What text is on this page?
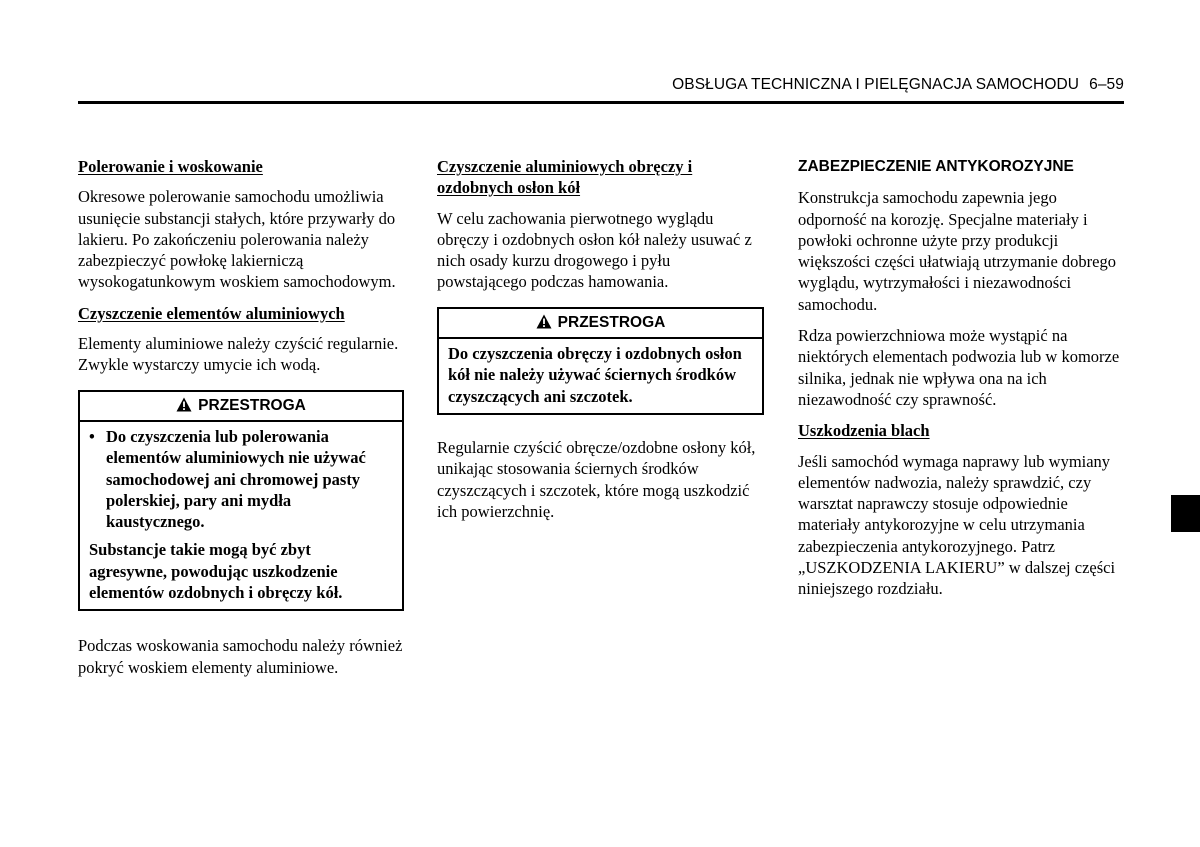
OBSŁUGA TECHNICZNA I PIELĘGNACJA SAMOCHODU 6–59
Polerowanie i woskowanie

Okresowe polerowanie samochodu umożliwia usunięcie substancji stałych, które przywarły do lakieru. Po zakończeniu polerowania należy zabezpieczyć powłokę lakierniczą wysokogatunkowym woskiem samochodowym.

Czyszczenie elementów aluminiowych

Elementy aluminiowe należy czyścić regularnie. Zwykle wystarczy umycie ich wodą.

PRZESTROGA
• Do czyszczenia lub polerowania elementów aluminiowych nie używać samochodowej ani chromowej pasty polerskiej, pary ani mydła kaustycznego.

Substancje takie mogą być zbyt agresywne, powodując uszkodzenie elementów ozdobnych i obręczy kół.

Podczas woskowania samochodu należy również pokryć woskiem elementy aluminiowe.

Czyszczenie aluminiowych obręczy i ozdobnych osłon kół

W celu zachowania pierwotnego wyglądu obręczy i ozdobnych osłon kół należy usuwać z nich osady kurzu drogowego i pyłu powstającego podczas hamowania.

PRZESTROGA

Do czyszczenia obręczy i ozdobnych osłon kół nie należy używać ściernych środków czyszczących ani szczotek.

Regularnie czyścić obręcze/ozdobne osłony kół, unikając stosowania ściernych środków czyszczących i szczotek, które mogą uszkodzić ich powierzchnię.

ZABEZPIECZENIE ANTYKOROZYJNE

Konstrukcja samochodu zapewnia jego odporność na korozję. Specjalne materiały i powłoki ochronne użyte przy produkcji większości części ułatwiają utrzymanie dobrego wyglądu, wytrzymałości i niezawodności samochodu.

Rdza powierzchniowa może wystąpić na niektórych elementach podwozia lub w komorze silnika, jednak nie wpływa ona na ich niezawodność czy sprawność.

Uszkodzenia blach

Jeśli samochód wymaga naprawy lub wymiany elementów nadwozia, należy sprawdzić, czy warsztat naprawczy stosuje odpowiednie materiały antykorozyjne w celu utrzymania zabezpieczenia antykorozyjnego. Patrz „USZKODZENIA LAKIERU” w dalszej części niniejszego rozdziału.
